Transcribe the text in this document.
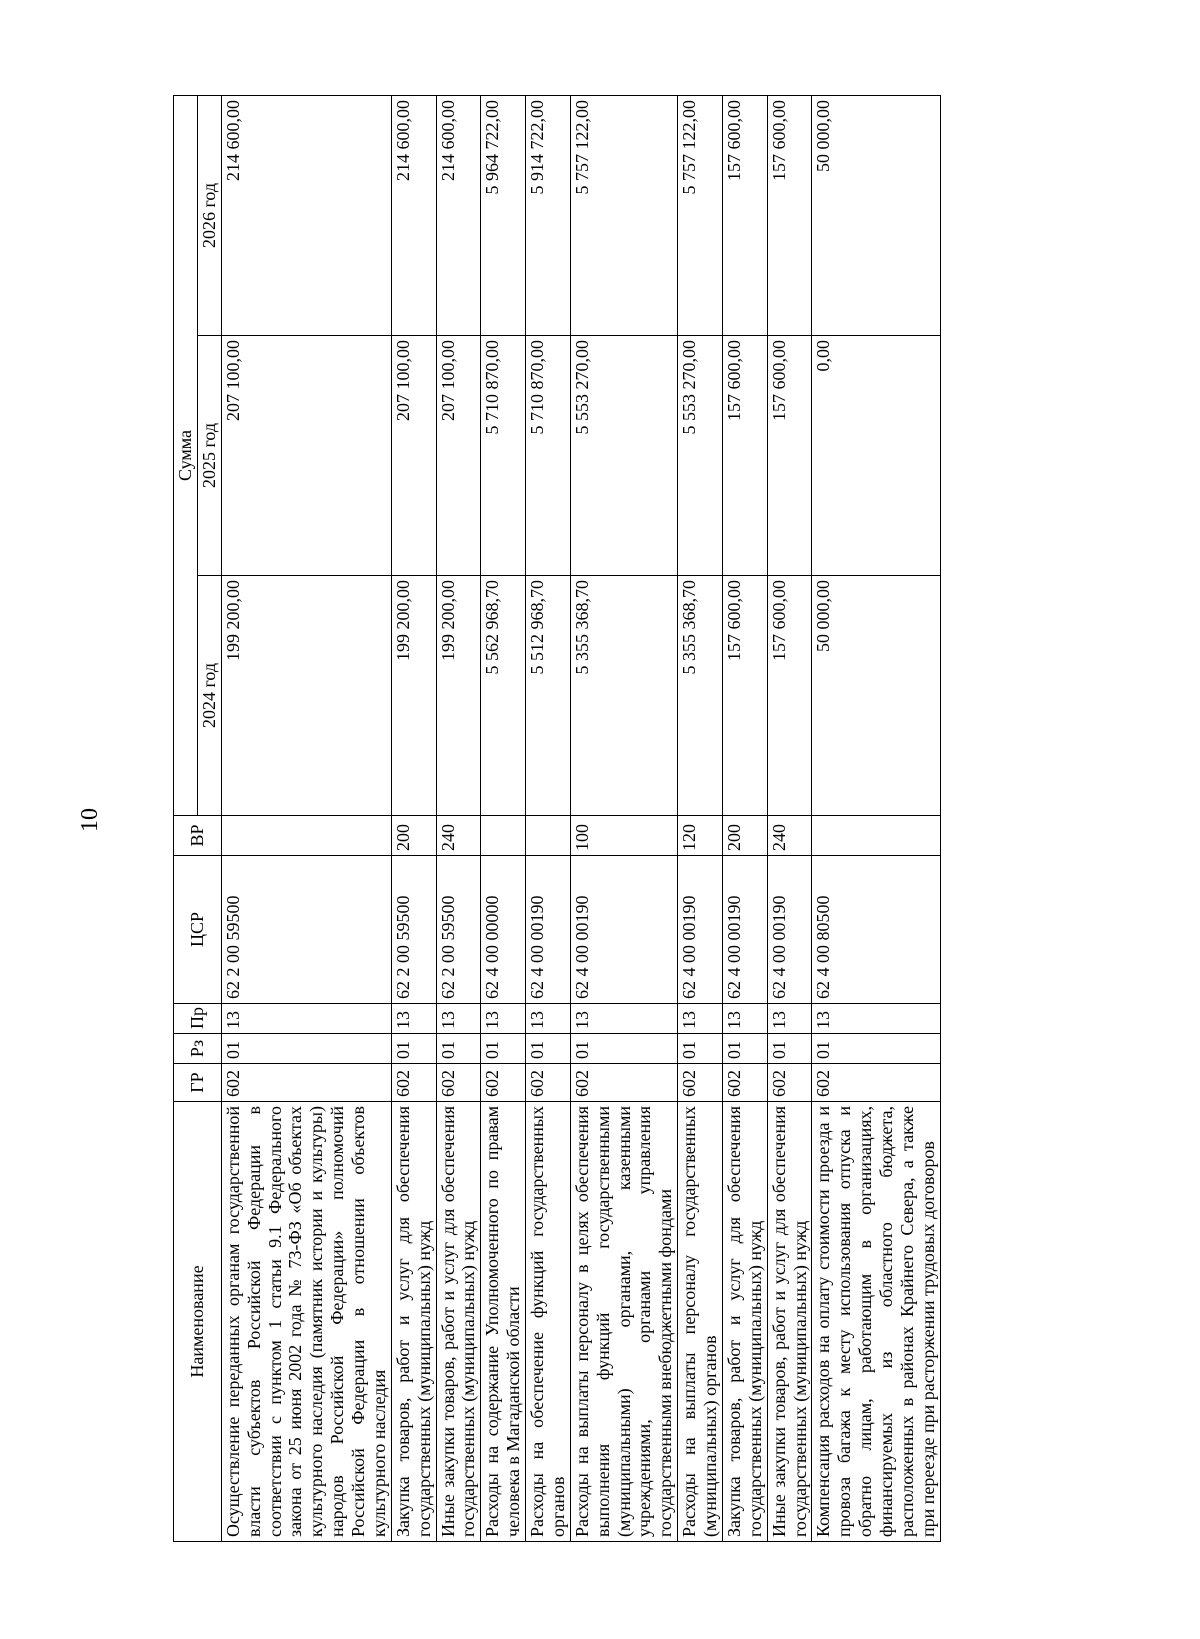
10
Наименование	ГР	Рз	Пр	ЦСР	ВР	Сумма		
						2024 год	2025 год	2026 год
Осуществление переданных органам государственной власти субъектов Российской Федерации в соответствии с пунктом 1 статьи 9.1 Федерального закона от 25 июня 2002 года № 73-ФЗ «Об объектах культурного наследия (памятник истории и культуры) народов Российской Федерации» полномочий Российской Федерации в отношении объектов культурного наследия	602	01	13	62 2 00 59500		199 200,00	207 100,00	214 600,00
Закупка товаров, работ и услуг для обеспечения государственных (муниципальных) нужд	602	01	13	62 2 00 59500	200	199 200,00	207 100,00	214 600,00
Иные закупки товаров, работ и услуг для обеспечения государственных (муниципальных) нужд	602	01	13	62 2 00 59500	240	199 200,00	207 100,00	214 600,00
Расходы на содержание Уполномоченного по правам человека в Магаданской области	602	01	13	62 4 00 00000		5 562 968,70	5 710 870,00	5 964 722,00
Расходы на обеспечение функций государственных органов	602	01	13	62 4 00 00190		5 512 968,70	5 710 870,00	5 914 722,00
Расходы на выплаты персоналу в целях обеспечения выполнения функций государственными (муниципальными) органами, казенными учреждениями, органами управления государственными внебюджетными фондами	602	01	13	62 4 00 00190	100	5 355 368,70	5 553 270,00	5 757 122,00
Расходы на выплаты персоналу государственных (муниципальных) органов	602	01	13	62 4 00 00190	120	5 355 368,70	5 553 270,00	5 757 122,00
Закупка товаров, работ и услуг для обеспечения государственных (муниципальных) нужд	602	01	13	62 4 00 00190	200	157 600,00	157 600,00	157 600,00
Иные закупки товаров, работ и услуг для обеспечения государственных (муниципальных) нужд	602	01	13	62 4 00 00190	240	157 600,00	157 600,00	157 600,00
Компенсация расходов на оплату стоимости проезда и провоза багажа к месту использования отпуска и обратно лицам, работающим в организациях, финансируемых из областного бюджета, расположенных в районах Крайнего Севера, а также при переезде при расторжении трудовых договоров	602	01	13	62 4 00 80500		50 000,00	0,00	50 000,00
